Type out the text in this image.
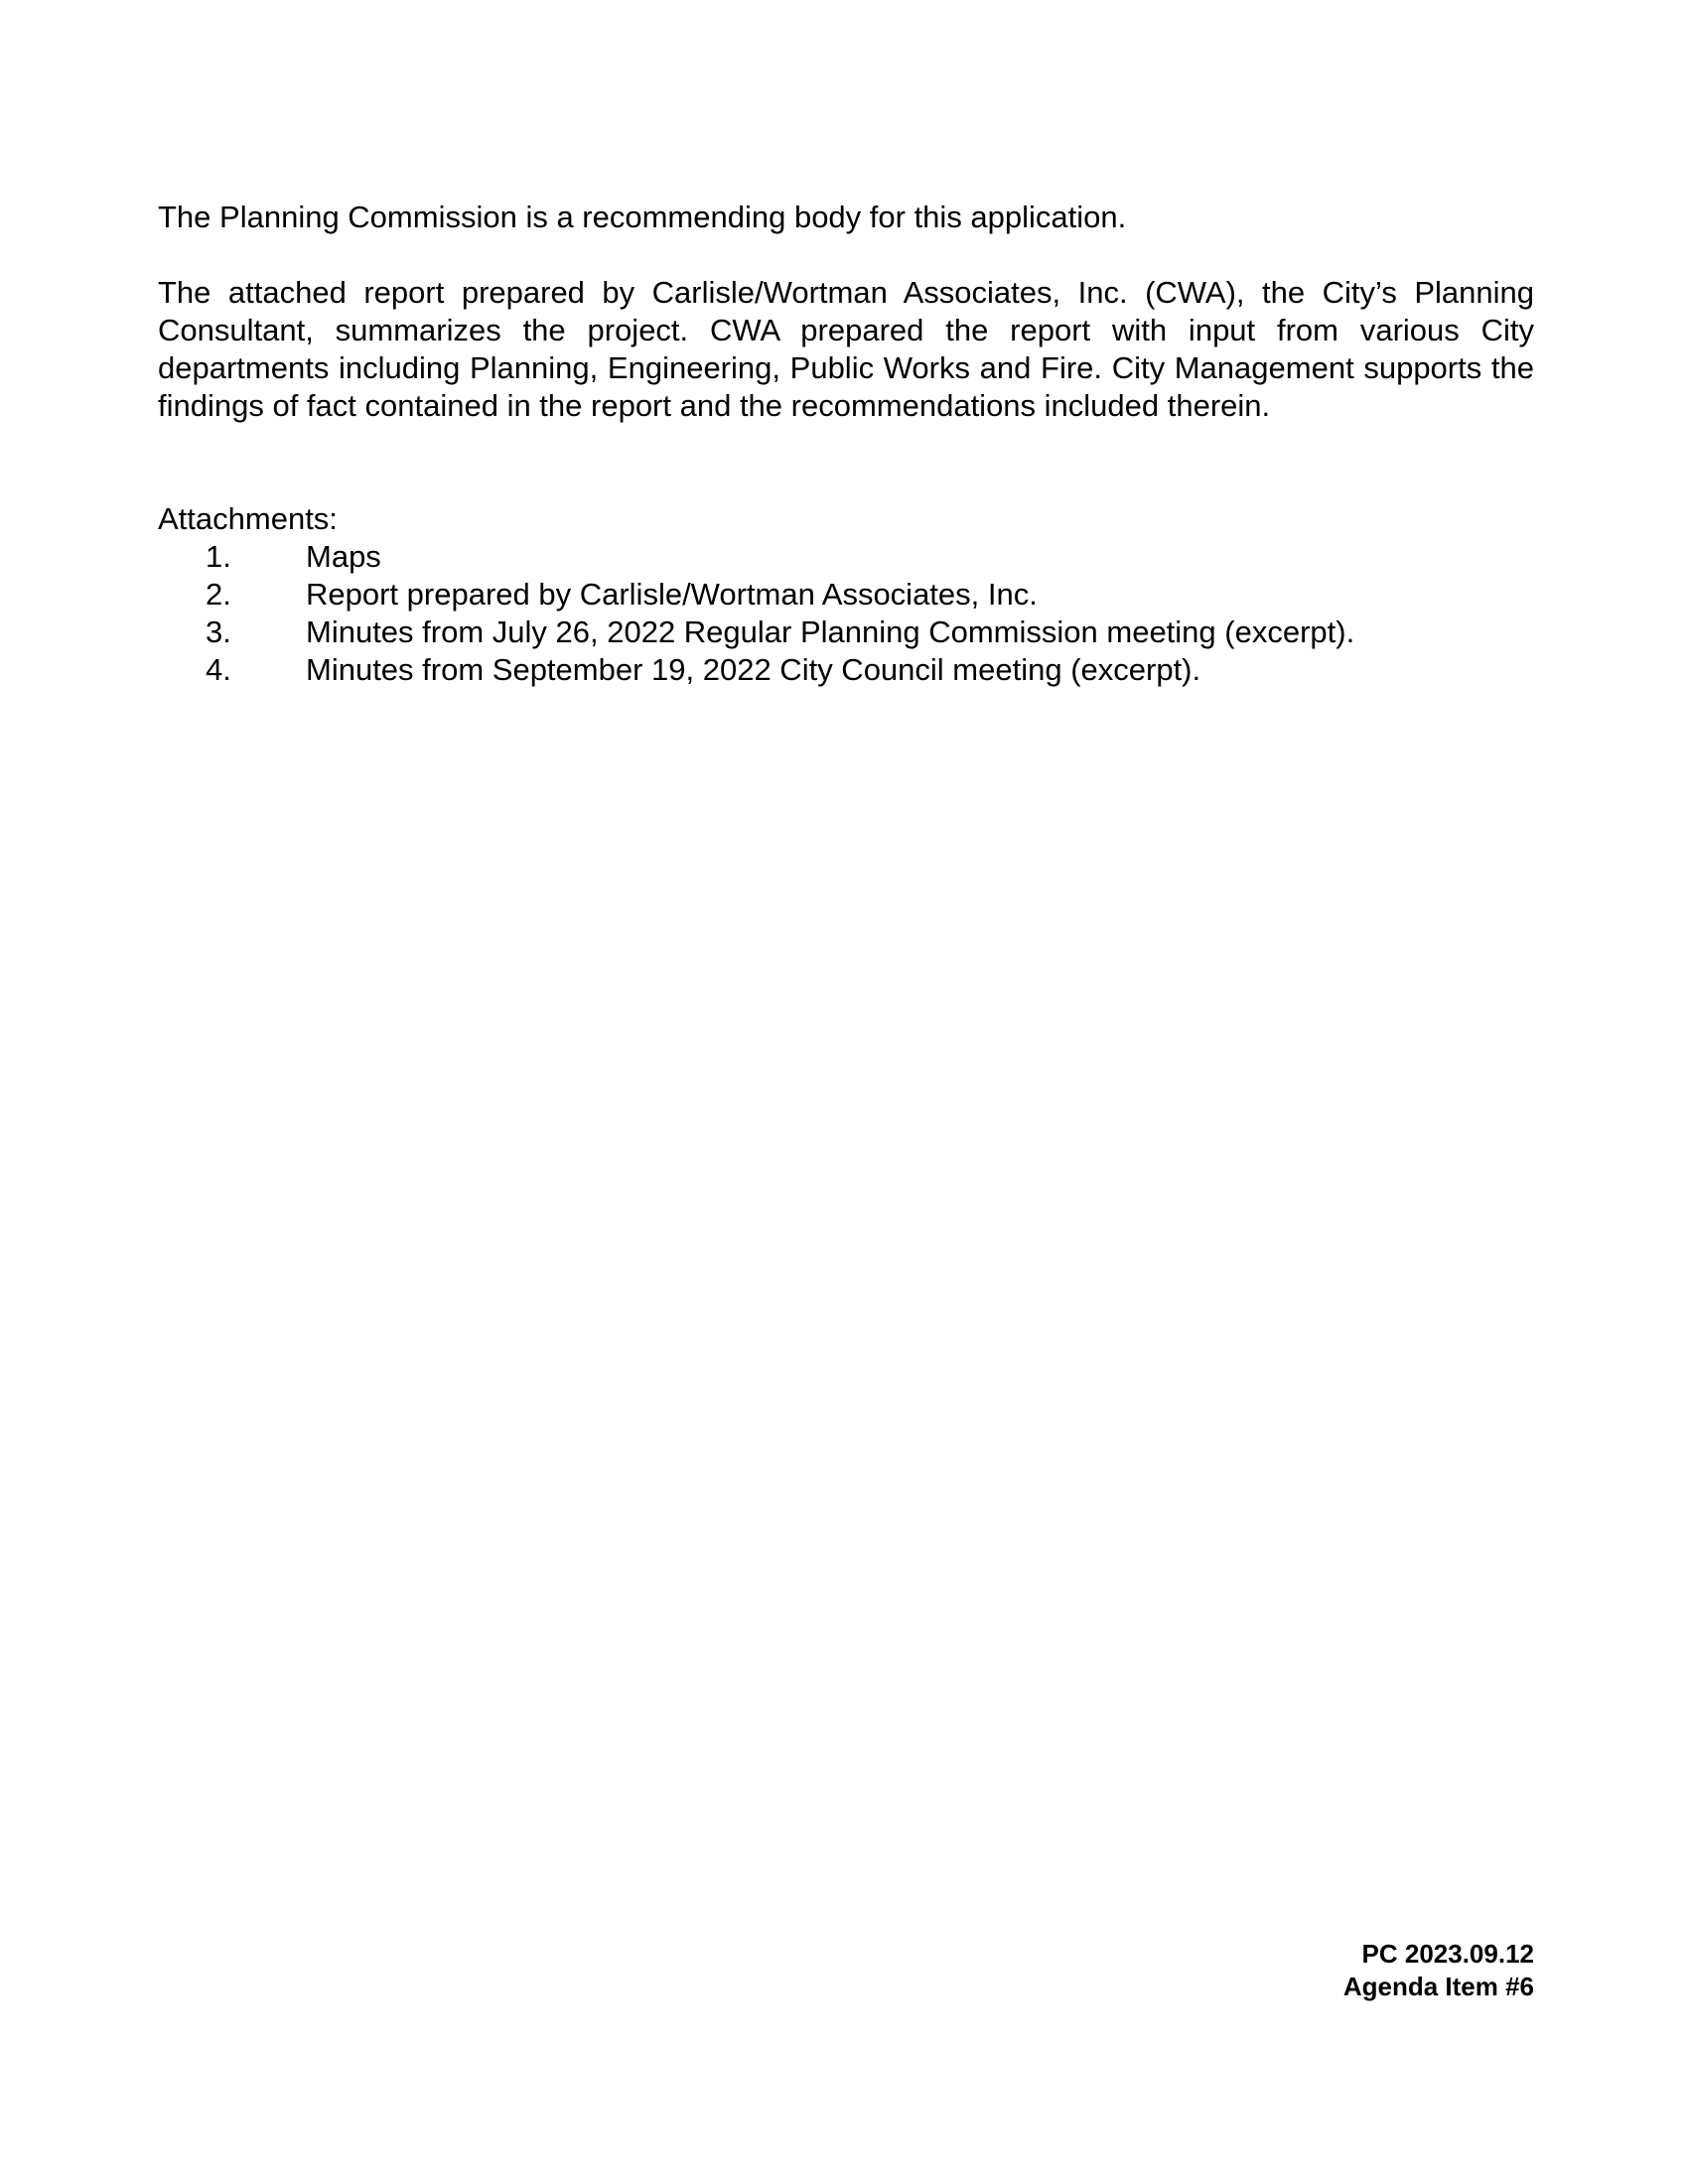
The Planning Commission is a recommending body for this application.

The attached report prepared by Carlisle/Wortman Associates, Inc. (CWA), the City’s Planning Consultant, summarizes the project. CWA prepared the report with input from various City departments including Planning, Engineering, Public Works and Fire. City Management supports the findings of fact contained in the report and the recommendations included therein.

Attachments:

1. Maps
2. Report prepared by Carlisle/Wortman Associates, Inc.
3. Minutes from July 26, 2022 Regular Planning Commission meeting (excerpt).
4. Minutes from September 19, 2022 City Council meeting (excerpt).
PC 2023.09.12
Agenda Item #6
